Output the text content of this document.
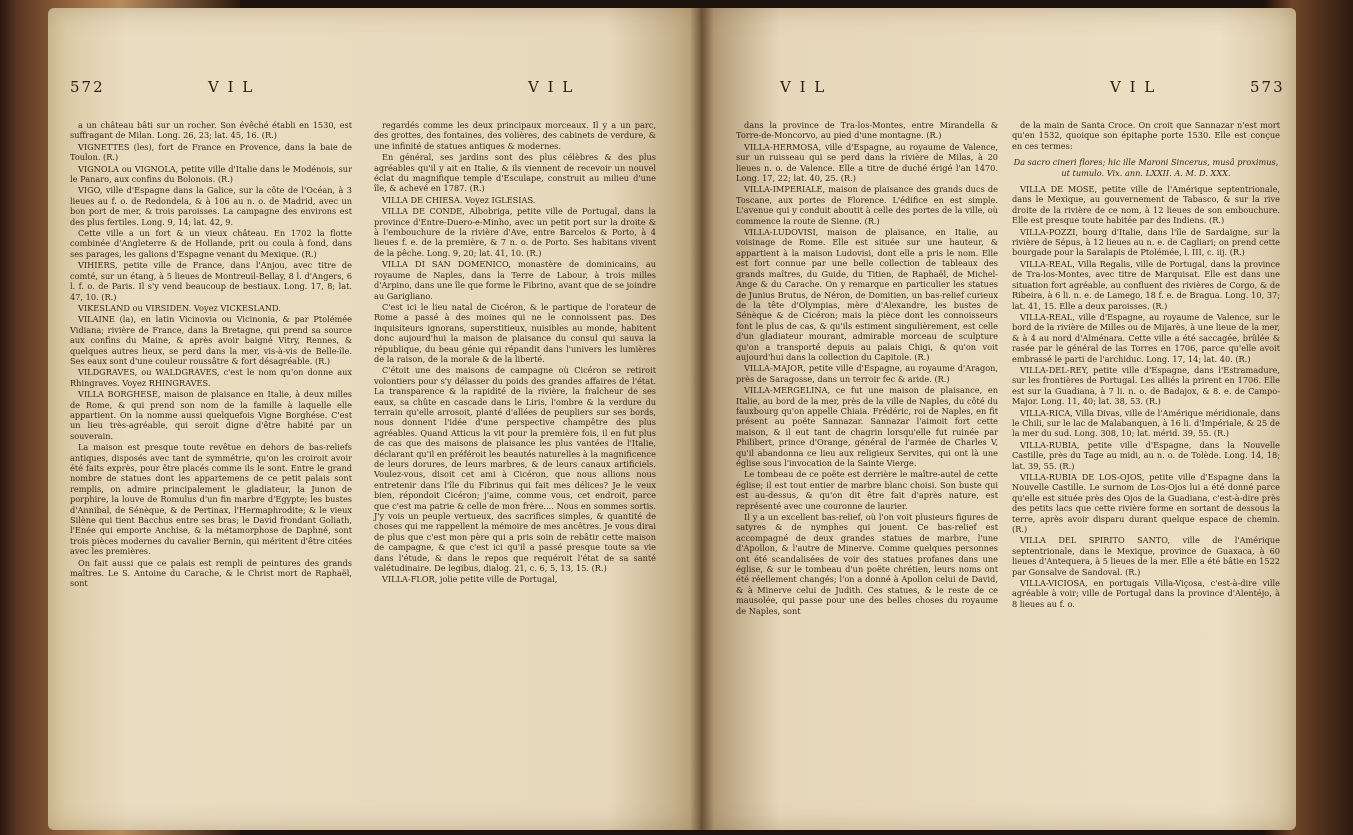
572	V I L	V I L

a un château bâti sur un rocher. Son évêché établi en 1530, est suffragant de Milan. Long. 26, 23; lat. 45, 16. (R.)

VIGNETTES (les), fort de France en Provence, dans la baie de Toulon. (R.)

VIGNOLA ou VIGNOLA, petite ville d'Italie dans le Modénois, sur le Panaro, aux confins du Bolonois. (R.)

VIGO, ville d'Espagne dans la Galice, sur la côte de l'Océan, à 3 lieues au f. o. de Redondela, & à 106 au n. o. de Madrid, avec un bon port de mer, & trois paroisses. La campagne des environs est des plus fertiles. Long. 9, 14; lat. 42, 9.

Cette ville a un fort & un vieux château. En 1702 la flotte combinée d'Angleterre & de Hollande, prit ou coula à fond, dans ses parages, les galions d'Espagne venant du Mexique. (R.)

VIHIERS, petite ville de France, dans l'Anjou, avec titre de comté, sur un étang, à 5 lieues de Montreuil-Bellay, 8 l. d'Angers, 6 l. f. o. de Paris. Il s'y vend beaucoup de bestiaux. Long. 17, 8; lat. 47, 10. (R.)

VIKESLAND ou VIRSIDEN. Voyez VICKESLAND.

VILAINE (la), en latin Vicinovia ou Vicinonia, & par Ptolémée Vidiana; rivière de France, dans la Bretagne, qui prend sa source aux confins du Maine, & après avoir baigné Vitry, Rennes, & quelques autres lieux, se perd dans la mer, vis-à-vis de Belle-île. Ses eaux sont d'une couleur roussâtre & fort désagréable. (R.)

VILDGRAVES, ou WALDGRAVES, c'est le nom qu'on donne aux Rhingraves. Voyez RHINGRAVES.

VILLA BORGHESE, maison de plaisance en Italie, à deux milles de Rome, & qui prend son nom de la famille à laquelle elle appartient. On la nomme aussi quelquefois Vigne Borghése. C'est un lieu très-agréable, qui seroit digne d'être habité par un souverain.

La maison est presque toute revêtue en dehors de bas-reliefs antiques, disposés avec tant de symmétrie, qu'on les croiroit avoir été faits exprès, pour être placés comme ils le sont. Entre le grand nombre de statues dont les appartemens de ce petit palais sont remplis, on admire principalement le gladiateur, la Junon de porphire, la louve de Romulus d'un fin marbre d'Egypte; les bustes d'Annibal, de Sénèque, & de Pertinax, l'Hermaphrodite; & le vieux Silène qui tient Bacchus entre ses bras; le David frondant Goliath, l'Enée qui emporte Anchise, & la métamorphose de Daphné, sont trois pièces modernes du cavalier Bernin, qui méritent d'être citées avec les premières.

On fait aussi que ce palais est rempli de peintures des grands maîtres. Le S. Antoine du Carache, & le Christ mort de Raphaël, sont

regardés comme les deux principaux morceaux. Il y a un parc, des grottes, des fontaines, des volières, des cabinets de verdure, & une infinité de statues antiques & modernes.

En général, ses jardins sont des plus célèbres & des plus agréables qu'il y ait en Italie, & ils viennent de recevoir un nouvel éclat du magnifique temple d'Esculape, construit au milieu d'une île, & achevé en 1787. (R.)

VILLA DE CHIESA. Voyez IGLESIAS.

VILLA DE CONDE, Albobriga, petite ville de Portugal, dans la province d'Entre-Duero-e-Minho, avec un petit port sur la droite & à l'embouchure de la rivière d'Ave, entre Barcelos & Porto, à 4 lieues f. e. de la première, & 7 n. o. de Porto. Ses habitans vivent de la pêche. Long. 9, 20; lat. 41, 10. (R.)

VILLA DI SAN DOMENICO, monastère de dominicains, au royaume de Naples, dans la Terre de Labour, à trois milles d'Arpino, dans une île que forme le Fibrino, avant que de se joindre au Garigliano.

C'est ici le lieu natal de Cicéron, & le partique de l'orateur de Rome a passé à des moines qui ne le connoissent pas. Des inquisiteurs ignorans, superstitieux, nuisibles au monde, habitent donc aujourd'hui la maison de plaisance du consul qui sauva la république, du beau génie qui répandit dans l'univers les lumières de la raison, de la morale & de la liberté.

C'étoit une des maisons de campagne où Cicéron se retiroit volontiers pour s'y délasser du poids des grandes affaires de l'état. La transparence & la rapidité de la rivière, la fraîcheur de ses eaux, sa chûte en cascade dans le Liris, l'ombre & la verdure du terrain qu'elle arrosoit, planté d'allées de peupliers sur ses bords, nous donnent l'idée d'une perspective champêtre des plus agréables. Quand Atticus la vit pour la première fois, il en fut plus de cas que des maisons de plaisance les plus vantées de l'Italie, déclarant qu'il en préféroit les beautés naturelles à la magnificence de leurs dorures, de leurs marbres, & de leurs canaux artificiels. Voulez-vous, disoit cet ami à Cicéron, que nous allions nous entretenir dans l'île du Fibrinus qui fait mes délices? Je le veux bien, répondoit Cicéron; j'aime, comme vous, cet endroit, parce que c'est ma patrie & celle de mon frère.... Nous en sommes sortis. J'y vois un peuple vertueux, des sacrifices simples, & quantité de choses qui me rappellent la mémoire de mes ancêtres. Je vous dirai de plus que c'est mon père qui a pris soin de rebâtir cette maison de campagne, & que c'est ici qu'il a passé presque toute sa vie dans l'étude, & dans le repos que requéroit l'état de sa santé valétudinaire. De legibus, dialog. 21, c. 6, 5, 13, 15. (R.)

VILLA-FLOR, jolie petite ville de Portugal,

V I L	V I L	573

dans la province de Tra-los-Montes, entre Mirandella & Torre-de-Moncorvo, au pied d'une montagne. (R.)

VILLA-HERMOSA, ville d'Espagne, au royaume de Valence, sur un ruisseau qui se perd dans la rivière de Milas, à 20 lieues n. o. de Valence. Elle a titre de duché érigé l'an 1470. Long. 17, 22; lat. 40, 25. (R.)

VILLA-IMPERIALE, maison de plaisance des grands ducs de Toscane, aux portes de Florence. L'édifice en est simple. L'avenue qui y conduit aboutit à celle des portes de la ville, où commence la route de Sienne. (R.)

VILLA-LUDOVISI, maison de plaisance, en Italie, au voisinage de Rome. Elle est située sur une hauteur, & appartient à la maison Ludovisi, dont elle a pris le nom. Elle est fort connue par une belle collection de tableaux des grands maîtres, du Guide, du Titien, de Raphaël, de Michel-Ange & du Carache. On y remarque en particulier les statues de Junius Brutus, de Néron, de Domitien, un bas-relief curieux de la tête d'Olympias, mère d'Alexandre, les bustes de Sénèque & de Cicéron; mais la pièce dont les connoisseurs font le plus de cas, & qu'ils estiment singulièrement, est celle d'un gladiateur mourant, admirable morceau de sculpture qu'on a transporté depuis au palais Chigi, & qu'on voit aujourd'hui dans la collection du Capitole. (R.)

VILLA-MAJOR, petite ville d'Espagne, au royaume d'Aragon, près de Saragosse, dans un terroir fec & aride. (R.)

VILLA-MERGELINA, ce fut une maison de plaisance, en Italie, au bord de la mer, près de la ville de Naples, du côté du fauxbourg qu'on appelle Chiaia. Frédéric, roi de Naples, en fit présent au poëte Sannazar. Sannazar l'aimoit fort cette maison, & il eut tant de chagrin lorsqu'elle fut ruinée par Philibert, prince d'Orange, général de l'armée de Charles V, qu'il abandonna ce lieu aux religieux Servites, qui ont là une église sous l'invocation de la Sainte Vierge.

Le tombeau de ce poëte est derrière le maître-autel de cette église; il est tout entier de marbre blanc choisi. Son buste qui est au-dessus, & qu'on dit être fait d'après nature, est représenté avec une couronne de laurier.

Il y a un excellent bas-relief, où l'on voit plusieurs figures de satyres & de nymphes qui jouent. Ce bas-relief est accompagné de deux grandes statues de marbre, l'une d'Apollon, & l'autre de Minerve. Comme quelques personnes ont été scandalisées de voir des statues profanes dans une église, & sur le tombeau d'un poëte chrétien, leurs noms ont été réellement changés; l'on a donné à Apollon celui de David, & à Minerve celui de Judith. Ces statues, & le reste de ce mausolée, qui passe pour une des belles choses du royaume de Naples, sont

de la main de Santa Croce. On croit que Sannazar n'est mort qu'en 1532, quoique son épitaphe porte 1530. Elle est conçue en ces termes:

Da sacro cineri flores; hic ille Maroni Sincerus, musâ proximus, ut tumulo. Vix. ann. LXXII. A. M. D. XXX.

VILLA DE MOSE, petite ville de l'Amérique septentrionale, dans le Mexique, au gouvernement de Tabasco, & sur la rive droite de la rivière de ce nom, à 12 lieues de son embouchure. Elle est presque toute habitée par des Indiens. (R.)

VILLA-POZZI, bourg d'Italie, dans l'île de Sardaigne, sur la rivière de Sépus, à 12 lieues au n. e. de Cagliari; on prend cette bourgade pour la Saralapis de Ptolémée, l. III, c. iij. (R.)

VILLA-REAL, Villa Regalis, ville de Portugal, dans la province de Tra-los-Montes, avec titre de Marquisat. Elle est dans une situation fort agréable, au confluent des rivières de Corgo, & de Ribeira, à 6 li. n. e. de Lamego, 18 f. e. de Bragua. Long. 10, 37; lat. 41, 15. Elle a deux paroisses. (R.)

VILLA-REAL, ville d'Espagne, au royaume de Valence, sur le bord de la rivière de Milles ou de Mijarès, à une lieue de la mer, & à 4 au nord d'Alménara. Cette ville a été saccagée, brûlée & rasée par le général de las Torres en 1706, parce qu'elle avoit embrassé le parti de l'archiduc. Long. 17, 14; lat. 40. (R.)

VILLA-DEL-REY, petite ville d'Espagne, dans l'Estramadure, sur les frontières de Portugal. Les alliés la prirent en 1706. Elle est sur la Guadiana, à 7 li. n. o. de Badajox, & 8. e. de Campo-Major. Long. 11, 40; lat. 38, 53. (R.)

VILLA-RICA, Villa Divas, ville de l'Amérique méridionale, dans le Chili, sur le lac de Malabanquen, à 16 li. d'Impériale, & 25 de la mer du sud. Long. 308, 10; lat. mérid. 39, 55. (R.)

VILLA-RUBIA, petite ville d'Espagne, dans la Nouvelle Castille, près du Tage au midi, au n. o. de Tolède. Long. 14, 18; lat. 39, 55. (R.)

VILLA-RUBIA DE LOS-OJOS, petite ville d'Espagne dans la Nouvelle Castille. Le surnom de Los-Ojos lui a été donné parce qu'elle est située près des Ojos de la Guadiana, c'est-à-dire près des petits lacs que cette rivière forme en sortant de dessous la terre, après avoir disparu durant quelque espace de chemin. (R.)

VILLA DEL SPIRITO SANTO, ville de l'Amérique septentrionale, dans le Mexique, province de Guaxaca, à 60 lieues d'Antequera, à 5 lieues de la mer. Elle a été bâtie en 1522 par Gonsalve de Sandoval. (R.)

VILLA-VICIOSA, en portugais Villa-Viçosa, c'est-à-dire ville agréable à voir; ville de Portugal dans la province d'Alentéjo, à 8 lieues au f. o.
